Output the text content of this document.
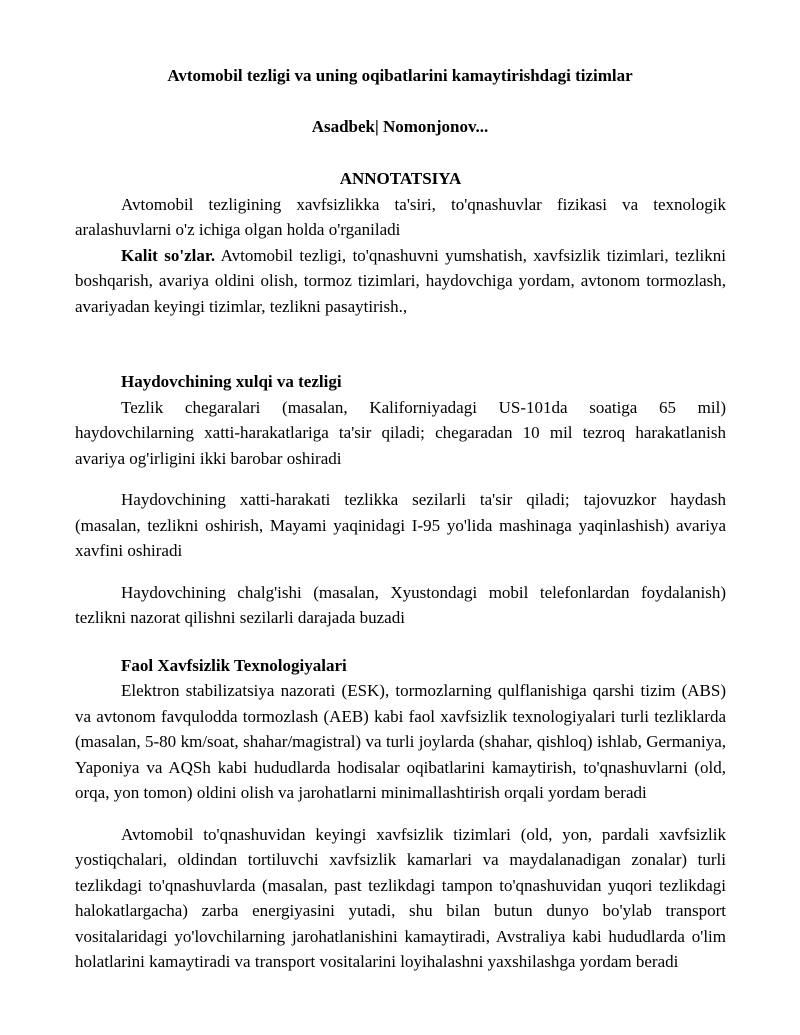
Avtomobil tezligi va uning oqibatlarini kamaytirishdagi tizimlar

Asadbek| Nomonjonov...

ANNOTATSIYA

Avtomobil tezligining xavfsizlikka ta'siri, to'qnashuvlar fizikasi va texnologik aralashuvlarni o'z ichiga olgan holda o'rganiladi

Kalit so'zlar. Avtomobil tezligi, to'qnashuvni yumshatish, xavfsizlik tizimlari, tezlikni boshqarish, avariya oldini olish, tormoz tizimlari, haydovchiga yordam, avtonom tormozlash, avariyadan keyingi tizimlar, tezlikni pasaytirish.,

Haydovchining xulqi va tezligi

Tezlik chegaralari (masalan, Kaliforniyadagi US-101da soatiga 65 mil) haydovchilarning xatti-harakatlariga ta'sir qiladi; chegaradan 10 mil tezroq harakatlanish avariya og'irligini ikki barobar oshiradi

Haydovchining xatti-harakati tezlikka sezilarli ta'sir qiladi; tajovuzkor haydash (masalan, tezlikni oshirish, Mayami yaqinidagi I-95 yo'lida mashinaga yaqinlashish) avariya xavfini oshiradi

Haydovchining chalg'ishi (masalan, Xyustondagi mobil telefonlardan foydalanish) tezlikni nazorat qilishni sezilarli darajada buzadi

Faol Xavfsizlik Texnologiyalari

Elektron stabilizatsiya nazorati (ESK), tormozlarning qulflanishiga qarshi tizim (ABS) va avtonom favqulodda tormozlash (AEB) kabi faol xavfsizlik texnologiyalari turli tezliklarda (masalan, 5-80 km/soat, shahar/magistral) va turli joylarda (shahar, qishloq) ishlab, Germaniya, Yaponiya va AQSh kabi hududlarda hodisalar oqibatlarini kamaytirish, to'qnashuvlarni (old, orqa, yon tomon) oldini olish va jarohatlarni minimallashtirish orqali yordam beradi

Avtomobil to'qnashuvidan keyingi xavfsizlik tizimlari (old, yon, pardali xavfsizlik yostiqchalari, oldindan tortiluvchi xavfsizlik kamarlari va maydalanadigan zonalar) turli tezlikdagi to'qnashuvlarda (masalan, past tezlikdagi tampon to'qnashuvidan yuqori tezlikdagi halokatlargacha) zarba energiyasini yutadi, shu bilan butun dunyo bo'ylab transport vositalaridagi yo'lovchilarning jarohatlanishini kamaytiradi, Avstraliya kabi hududlarda o'lim holatlarini kamaytiradi va transport vositalarini loyihalashni yaxshilashga yordam beradi
